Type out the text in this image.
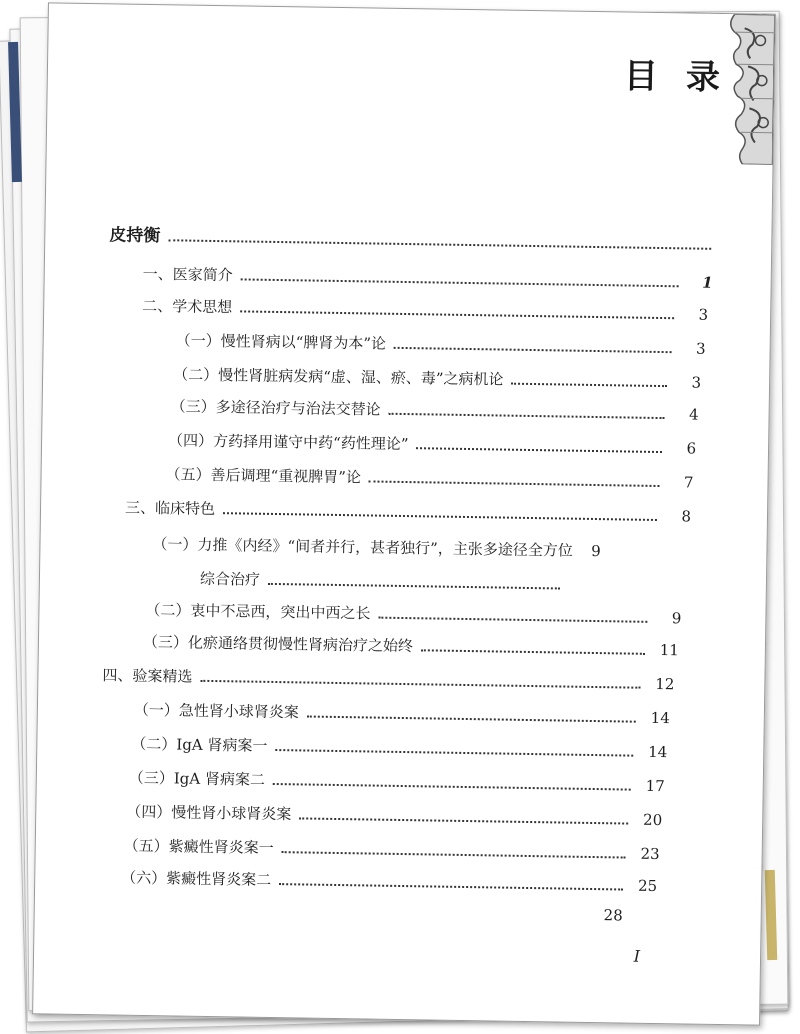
目 录
皮持衡
一、医家简介	1
二、学术思想	3
（一）慢性肾病以“脾肾为本”论	3
（二）慢性肾脏病发病“虚、湿、瘀、毒”之病机论	3
（三）多途径治疗与治法交替论	4
（四）方药择用谨守中药“药性理论”	6
（五）善后调理“重视脾胃”论	7
三、临床特色	8
（一）力推《内经》“间者并行，甚者独行”，主张多途径全方位	9
综合治疗
（二）衷中不忌西，突出中西之长	9
（三）化瘀通络贯彻慢性肾病治疗之始终	11
四、验案精选	12
（一）急性肾小球肾炎案	14
（二）IgA 肾病案一	14
（三）IgA 肾病案二	17
（四）慢性肾小球肾炎案	20
（五）紫癜性肾炎案一	23
（六）紫癜性肾炎案二	25
28
I
